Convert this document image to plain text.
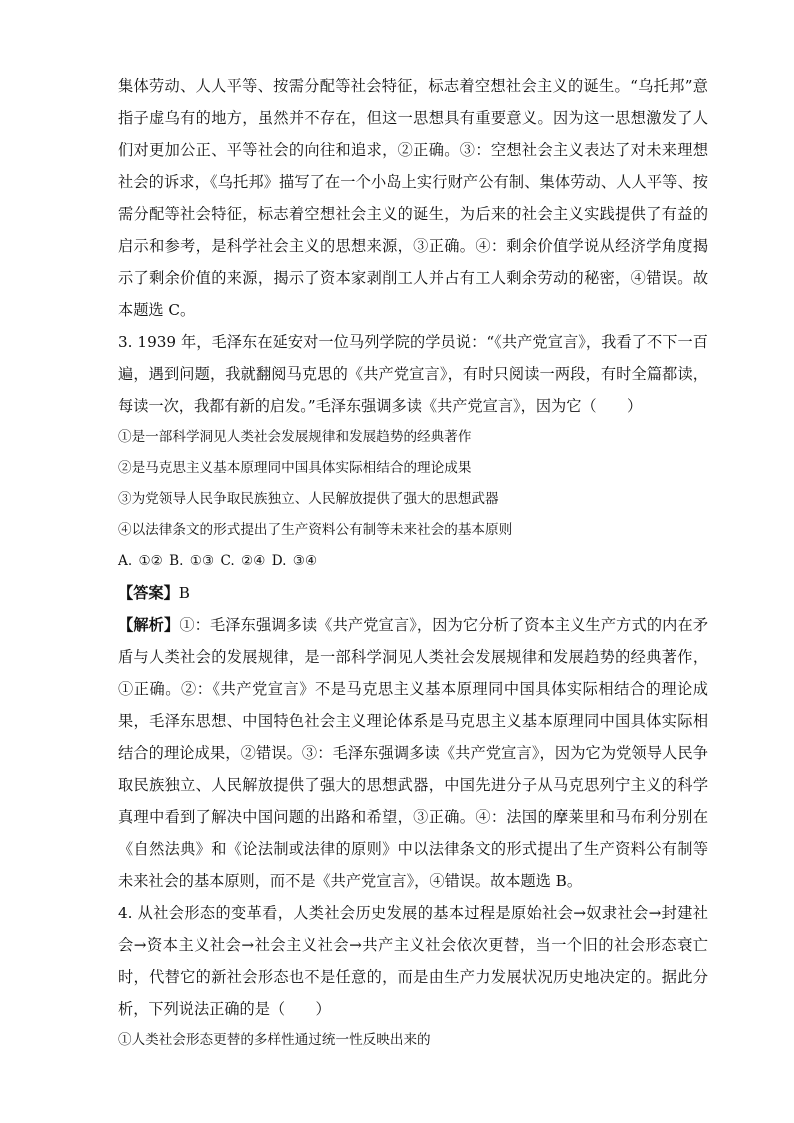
集体劳动、人人平等、按需分配等社会特征，标志着空想社会主义的诞生。“乌托邦”意指子虚乌有的地方，虽然并不存在，但这一思想具有重要意义。因为这一思想激发了人们对更加公正、平等社会的向往和追求，②正确。③：空想社会主义表达了对未来理想社会的诉求，《乌托邦》描写了在一个小岛上实行财产公有制、集体劳动、人人平等、按需分配等社会特征，标志着空想社会主义的诞生，为后来的社会主义实践提供了有益的启示和参考，是科学社会主义的思想来源，③正确。④：剩余价值学说从经济学角度揭示了剩余价值的来源，揭示了资本家剥削工人并占有工人剩余劳动的秘密，④错误。故本题选 C。

3. 1939 年，毛泽东在延安对一位马列学院的学员说：“《共产党宣言》，我看了不下一百遍，遇到问题，我就翻阅马克思的《共产党宣言》，有时只阅读一两段，有时全篇都读，每读一次，我都有新的启发。”毛泽东强调多读《共产党宣言》，因为它（　　）

①是一部科学洞见人类社会发展规律和发展趋势的经典著作

②是马克思主义基本原理同中国具体实际相结合的理论成果

③为党领导人民争取民族独立、人民解放提供了强大的思想武器

④以法律条文的形式提出了生产资料公有制等未来社会的基本原则

A. ①② B. ①③ C. ②④ D. ③④

【答案】B

【解析】①：毛泽东强调多读《共产党宣言》，因为它分析了资本主义生产方式的内在矛盾与人类社会的发展规律，是一部科学洞见人类社会发展规律和发展趋势的经典著作，①正确。②：《共产党宣言》不是马克思主义基本原理同中国具体实际相结合的理论成果，毛泽东思想、中国特色社会主义理论体系是马克思主义基本原理同中国具体实际相结合的理论成果，②错误。③：毛泽东强调多读《共产党宣言》，因为它为党领导人民争取民族独立、人民解放提供了强大的思想武器，中国先进分子从马克思列宁主义的科学真理中看到了解决中国问题的出路和希望，③正确。④：法国的摩莱里和马布利分别在《自然法典》和《论法制或法律的原则》中以法律条文的形式提出了生产资料公有制等未来社会的基本原则，而不是《共产党宣言》，④错误。故本题选 B。

4. 从社会形态的变革看，人类社会历史发展的基本过程是原始社会→奴隶社会→封建社会→资本主义社会→社会主义社会→共产主义社会依次更替，当一个旧的社会形态衰亡时，代替它的新社会形态也不是任意的，而是由生产力发展状况历史地决定的。据此分析，下列说法正确的是（　　）

①人类社会形态更替的多样性通过统一性反映出来的
